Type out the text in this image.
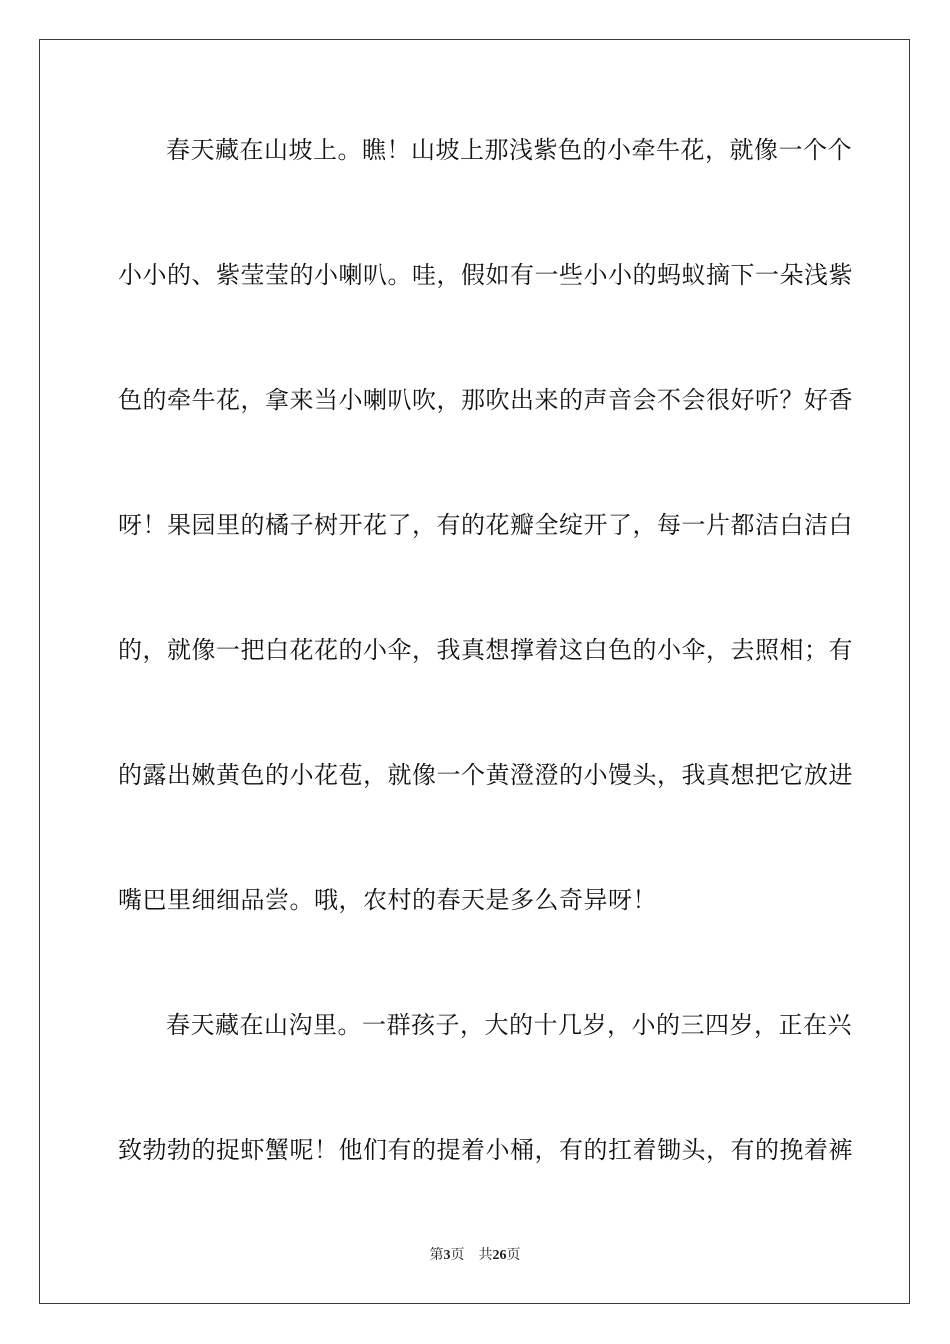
春天藏在山坡上。瞧！山坡上那浅紫色的小牵牛花，就像一个个
小小的、紫莹莹的小喇叭。哇，假如有一些小小的蚂蚁摘下一朵浅紫
色的牵牛花，拿来当小喇叭吹，那吹出来的声音会不会很好听？好香
呀！果园里的橘子树开花了，有的花瓣全绽开了，每一片都洁白洁白
的，就像一把白花花的小伞，我真想撑着这白色的小伞，去照相；有
的露出嫩黄色的小花苞，就像一个黄澄澄的小馒头，我真想把它放进
嘴巴里细细品尝。哦，农村的春天是多么奇异呀！
春天藏在山沟里。一群孩子，大的十几岁，小的三四岁，正在兴
致勃勃的捉虾蟹呢！他们有的提着小桶，有的扛着锄头，有的挽着裤
第3页 共26页
